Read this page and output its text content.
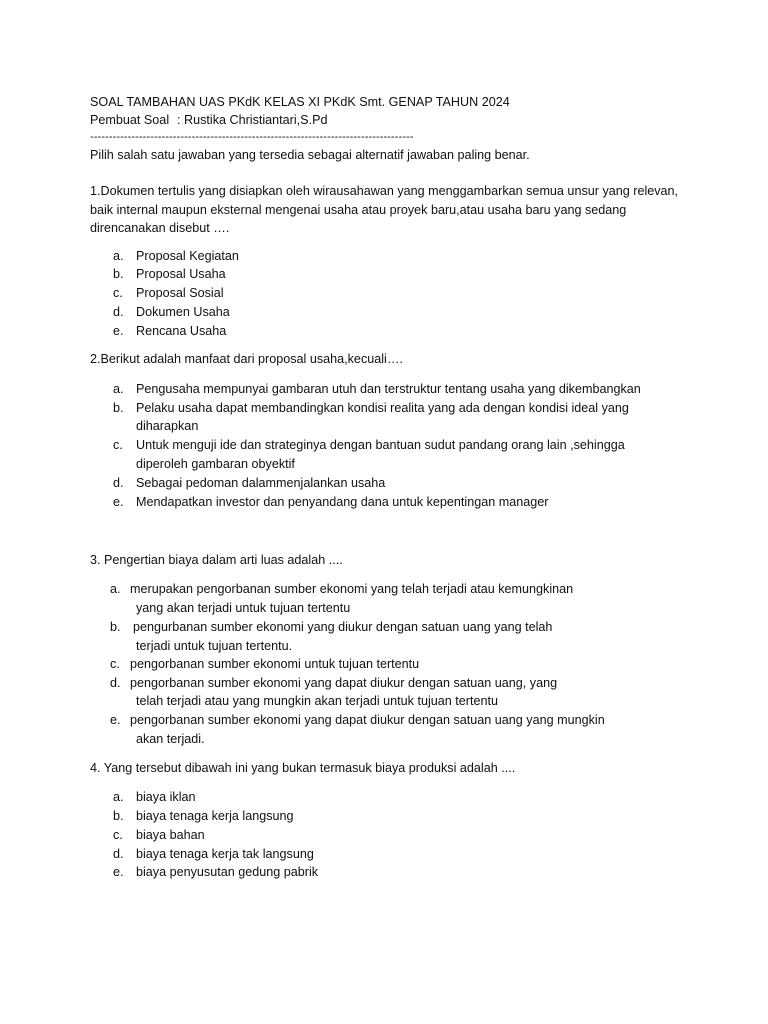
SOAL TAMBAHAN UAS PKdK KELAS XI PKdK Smt. GENAP TAHUN 2024
Pembuat Soal : Rustika Christiantari,S.Pd
--------------------------------------------------------------------------------------
Pilih salah satu jawaban yang tersedia sebagai alternatif jawaban paling benar.
1.Dokumen tertulis yang disiapkan oleh wirausahawan yang menggambarkan semua unsur yang relevan,
baik internal maupun eksternal mengenai usaha atau proyek baru,atau usaha baru yang sedang
direncanakan disebut ….
a. Proposal Kegiatan
b. Proposal Usaha
c. Proposal Sosial
d. Dokumen Usaha
e. Rencana Usaha
2.Berikut adalah manfaat dari proposal usaha,kecuali….
a. Pengusaha mempunyai gambaran utuh dan terstruktur tentang usaha yang dikembangkan
b. Pelaku usaha dapat membandingkan kondisi realita yang ada dengan kondisi ideal yang
diharapkan
c. Untuk menguji ide dan strateginya dengan bantuan sudut pandang orang lain ,sehingga
diperoleh gambaran obyektif
d. Sebagai pedoman dalammenjalankan usaha
e. Mendapatkan investor dan penyandang dana untuk kepentingan manager
3. Pengertian biaya dalam arti luas adalah ....
a. merupakan pengorbanan sumber ekonomi yang telah terjadi atau kemungkinan
yang akan terjadi untuk tujuan tertentu
b. pengurbanan sumber ekonomi yang diukur dengan satuan uang yang telah
terjadi untuk tujuan tertentu.
c. pengorbanan sumber ekonomi untuk tujuan tertentu
d. pengorbanan sumber ekonomi yang dapat diukur dengan satuan uang, yang
telah terjadi atau yang mungkin akan terjadi untuk tujuan tertentu
e. pengorbanan sumber ekonomi yang dapat diukur dengan satuan uang yang mungkin
akan terjadi.
4. Yang tersebut dibawah ini yang bukan termasuk biaya produksi adalah ....
a. biaya iklan
b. biaya tenaga kerja langsung
c. biaya bahan
d. biaya tenaga kerja tak langsung
e. biaya penyusutan gedung pabrik
